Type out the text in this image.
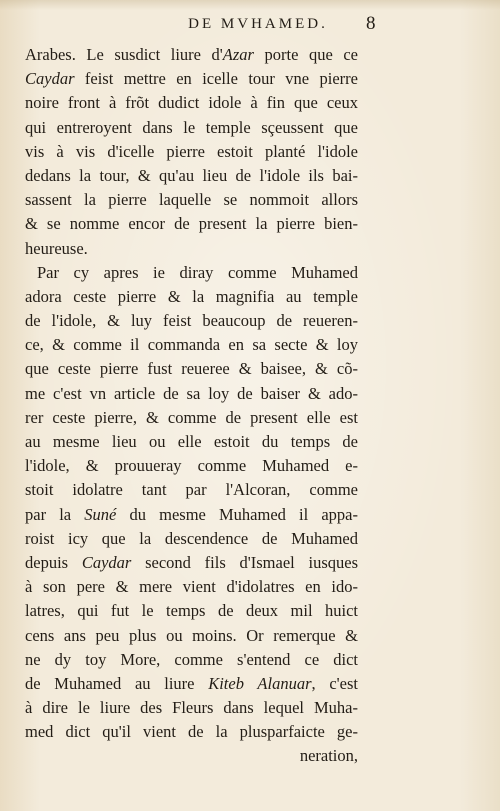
DE MVHAMED.	8
Arabes. Le susdict liure d'Azar porte que ce
Caydar feist mettre en icelle tour vne pierre
noire front à frõt dudict idole à fin que ceux
qui entreroyent dans le temple sçeussent que
vis à vis d'icelle pierre estoit planté l'idole
dedans la tour, & qu'au lieu de l'idole ils bai-
sassent la pierre laquelle se nommoit allors
& se nomme encor de present la pierre bien-
heureuse.
Par cy apres ie diray comme Muhamed
adora ceste pierre & la magnifia au temple
de l'idole, & luy feist beaucoup de reueren-
ce, & comme il commanda en sa secte & loy
que ceste pierre fust reueree & baisee, & cõ-
me c'est vn article de sa loy de baiser & ado-
rer ceste pierre, & comme de present elle est
au mesme lieu ou elle estoit du temps de
l'idole, & prouueray comme Muhamed e-
stoit idolatre tant par l'Alcoran, comme
par la Suné du mesme Muhamed il appa-
roist icy que la descendence de Muhamed
depuis Caydar second fils d'Ismael iusques
à son pere & mere vient d'idolatres en ido-
latres, qui fut le temps de deux mil huict
cens ans peu plus ou moins. Or remerque &
ne dy toy More, comme s'entend ce dict
de Muhamed au liure Kiteb Alanuar, c'est
à dire le liure des Fleurs dans lequel Muha-
med dict qu'il vient de la plusparfaicte ge-
neration,
